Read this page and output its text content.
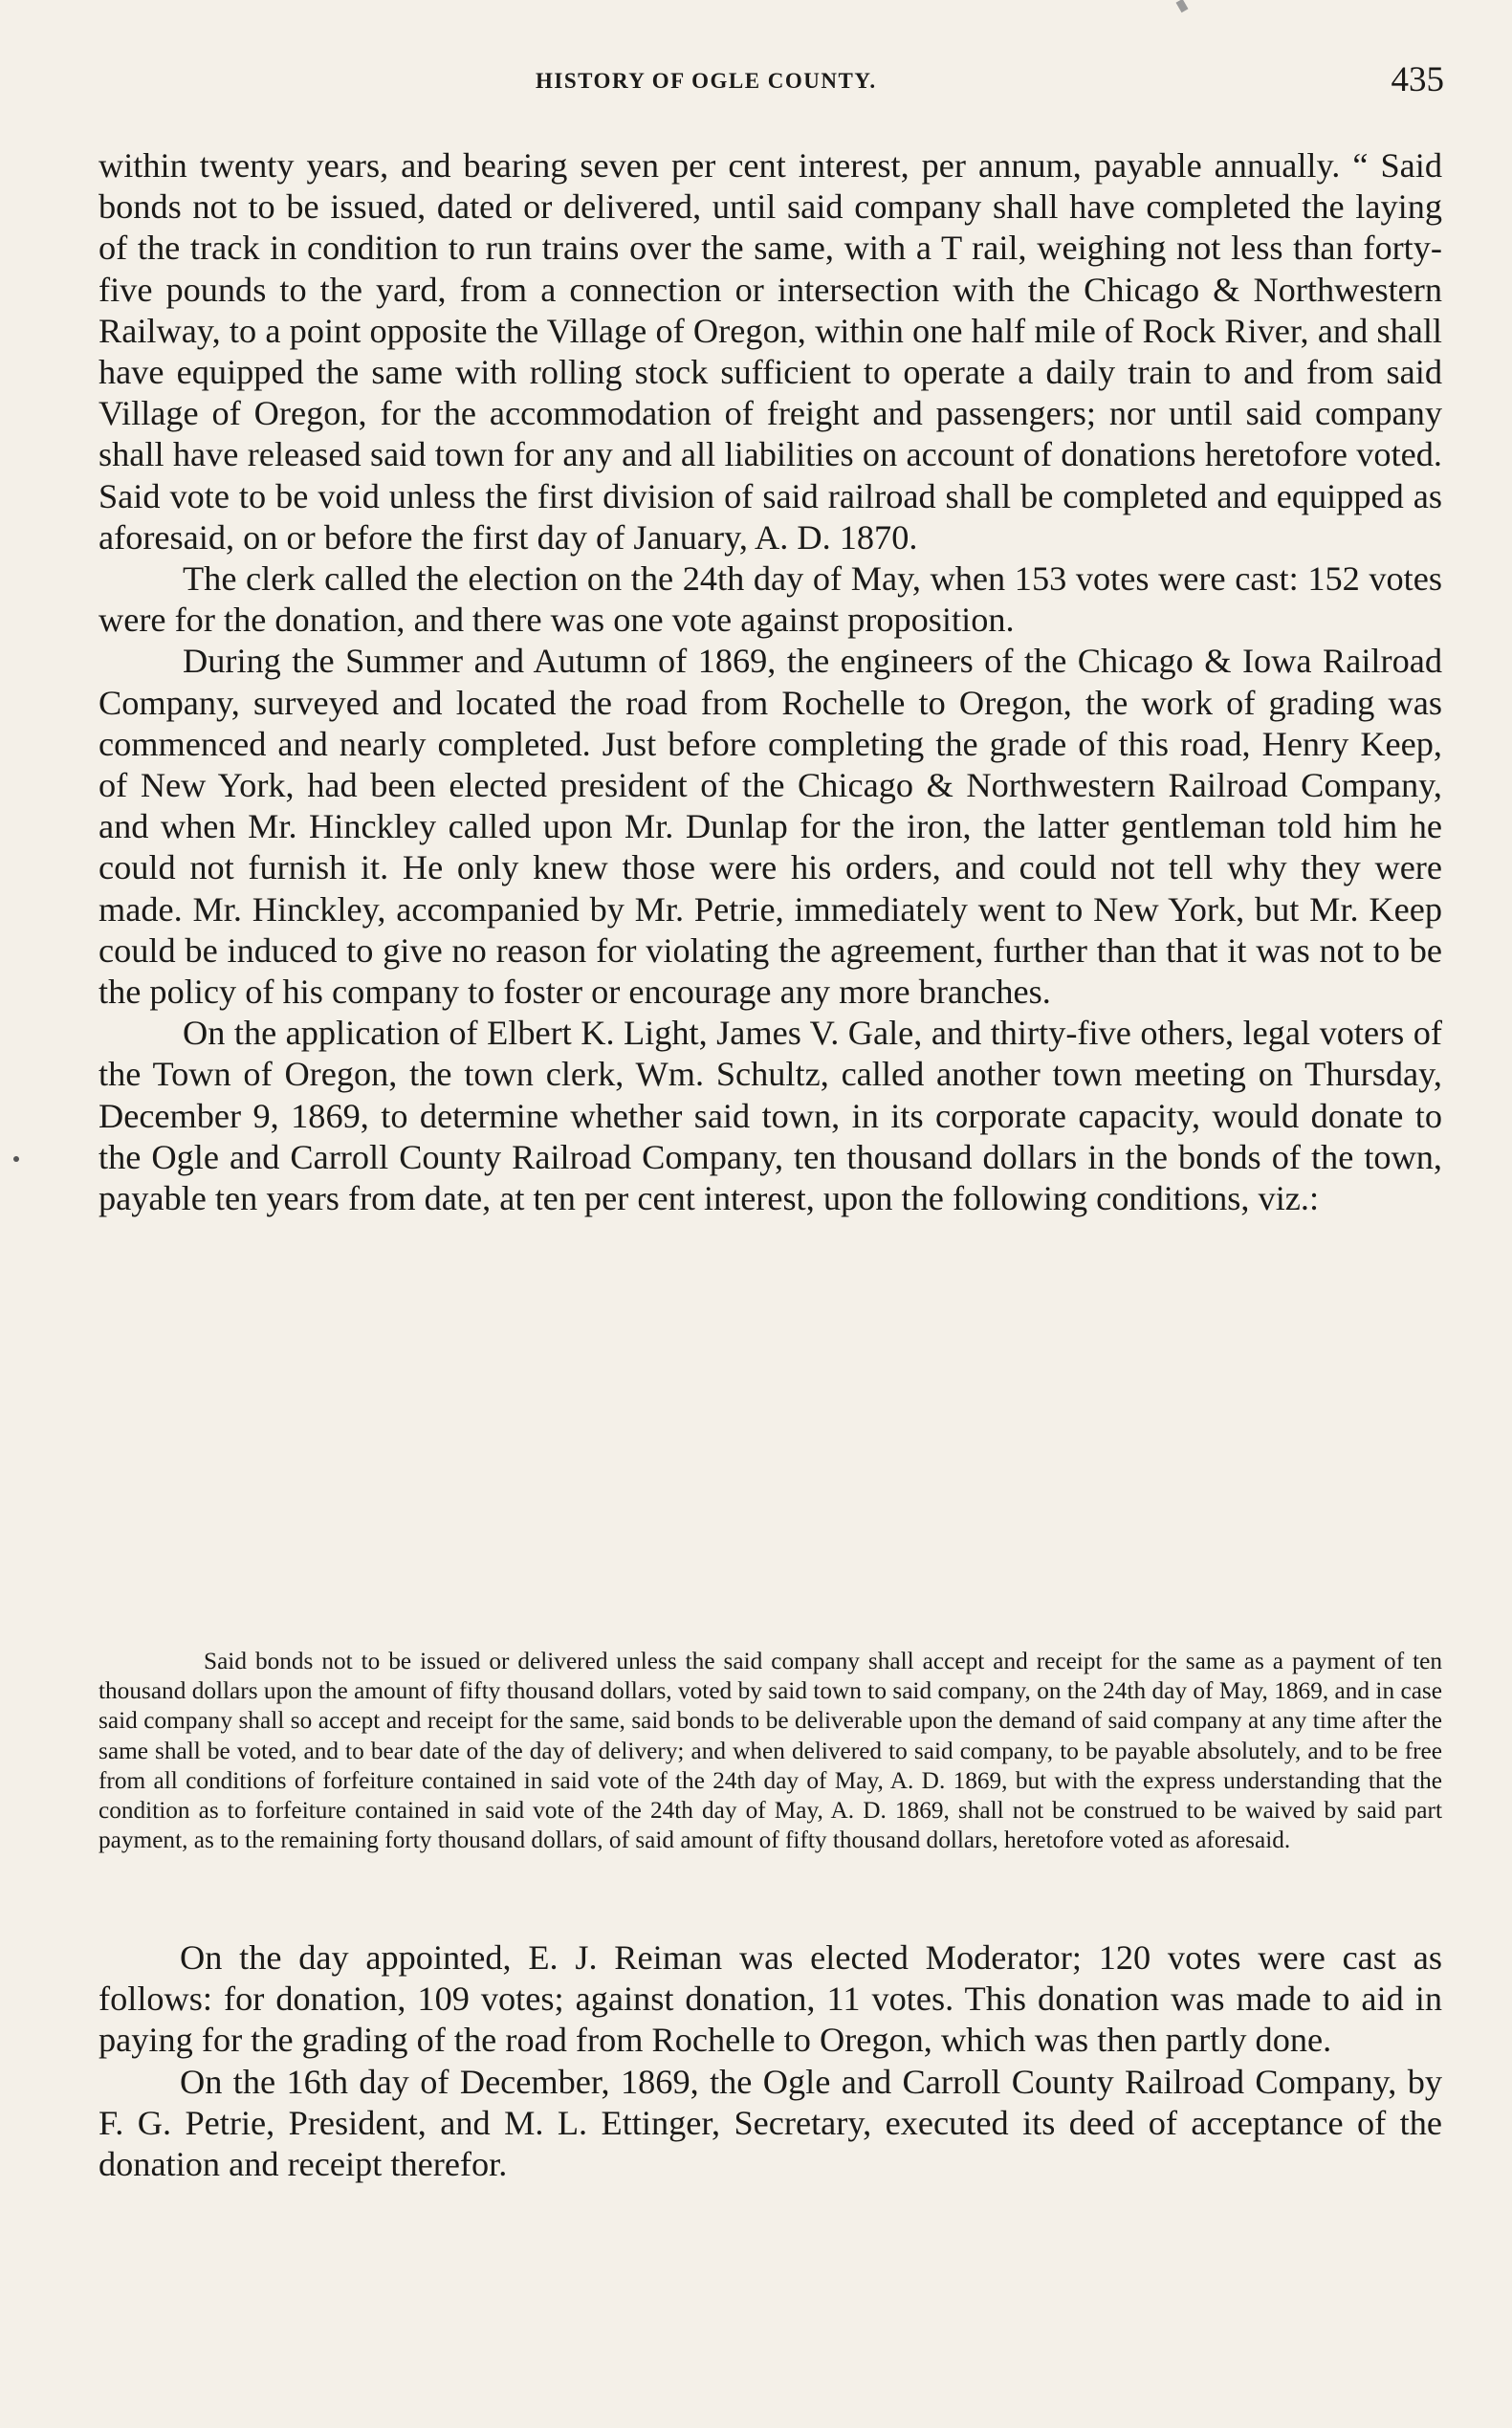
HISTORY OF OGLE COUNTY.	435

within twenty years, and bearing seven per cent interest, per annum, payable annually. “ Said bonds not to be issued, dated or delivered, until said company shall have completed the laying of the track in condition to run trains over the same, with a T rail, weighing not less than forty-five pounds to the yard, from a connection or intersection with the Chicago & Northwestern Railway, to a point opposite the Village of Oregon, within one half mile of Rock River, and shall have equipped the same with rolling stock sufficient to operate a daily train to and from said Village of Oregon, for the accommodation of freight and passengers; nor until said company shall have released said town for any and all liabilities on account of donations heretofore voted. Said vote to be void unless the first division of said railroad shall be completed and equipped as aforesaid, on or before the first day of January, A. D. 1870.

The clerk called the election on the 24th day of May, when 153 votes were cast: 152 votes were for the donation, and there was one vote against proposition.

During the Summer and Autumn of 1869, the engineers of the Chicago & Iowa Railroad Company, surveyed and located the road from Rochelle to Oregon, the work of grading was commenced and nearly completed. Just before completing the grade of this road, Henry Keep, of New York, had been elected president of the Chicago & Northwestern Railroad Company, and when Mr. Hinckley called upon Mr. Dunlap for the iron, the latter gentleman told him he could not furnish it. He only knew those were his orders, and could not tell why they were made. Mr. Hinckley, accompanied by Mr. Petrie, immediately went to New York, but Mr. Keep could be induced to give no reason for violating the agreement, further than that it was not to be the policy of his company to foster or encourage any more branches.

On the application of Elbert K. Light, James V. Gale, and thirty-five others, legal voters of the Town of Oregon, the town clerk, Wm. Schultz, called another town meeting on Thursday, December 9, 1869, to determine whether said town, in its corporate capacity, would donate to the Ogle and Carroll County Railroad Company, ten thousand dollars in the bonds of the town, payable ten years from date, at ten per cent interest, upon the following conditions, viz.:

Said bonds not to be issued or delivered unless the said company shall accept and receipt for the same as a payment of ten thousand dollars upon the amount of fifty thousand dollars, voted by said town to said company, on the 24th day of May, 1869, and in case said company shall so accept and receipt for the same, said bonds to be deliverable upon the demand of said company at any time after the same shall be voted, and to bear date of the day of delivery; and when delivered to said company, to be payable absolutely, and to be free from all conditions of forfeiture contained in said vote of the 24th day of May, A. D. 1869, but with the express understanding that the condition as to forfeiture contained in said vote of the 24th day of May, A. D. 1869, shall not be construed to be waived by said part payment, as to the remaining forty thousand dollars, of said amount of fifty thousand dollars, heretofore voted as aforesaid.

On the day appointed, E. J. Reiman was elected Moderator; 120 votes were cast as follows: for donation, 109 votes; against donation, 11 votes. This donation was made to aid in paying for the grading of the road from Rochelle to Oregon, which was then partly done.

On the 16th day of December, 1869, the Ogle and Carroll County Railroad Company, by F. G. Petrie, President, and M. L. Ettinger, Secretary, executed its deed of acceptance of the donation and receipt therefor.
